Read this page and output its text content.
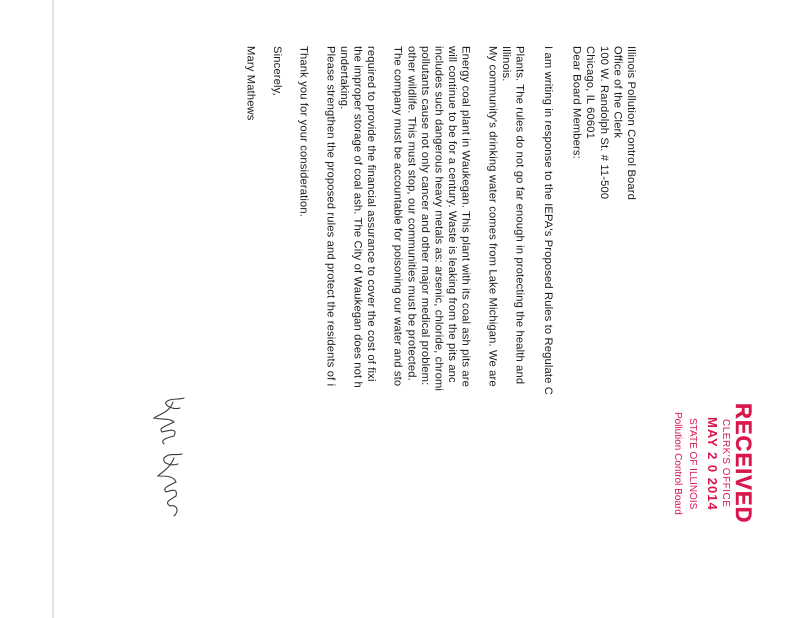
RECEIVED
CLERK'S OFFICE
MAY 2 0 2014
STATE OF ILLINOIS
Pollution Control Board

Illinois Pollution Control Board

Office of the Clerk

100 W. Randolph St. # 11-500

Chicago, IL 60601

Dear Board Members:

I am writing in response to the IEPA's Proposed Rules to Regulate C

Plants. The rules do not go far enough in protecting the health and

Illinois.

My community's drinking water comes from Lake Michigan. We are

Energy coal plant in Waukegan. This plant with its coal ash pits are

will continue to be for a century. Waste is leaking from the pits anc

includes such dangerous heavy metals as: arsenic, chloride, chromi

pollutants cause not only cancer and other major medical problem:

other wildlife. This must stop, our communities must be protected.

The company must be accountable for poisoning our water and sto

required to provide the financial assurance to cover the cost of fixi

the improper storage of coal ash. The City of Waukegan does not h

undertaking.

Please strengthen the proposed rules and protect the residents of i

Thank you for your consideration.

Sincerely,

Mary Mathews
